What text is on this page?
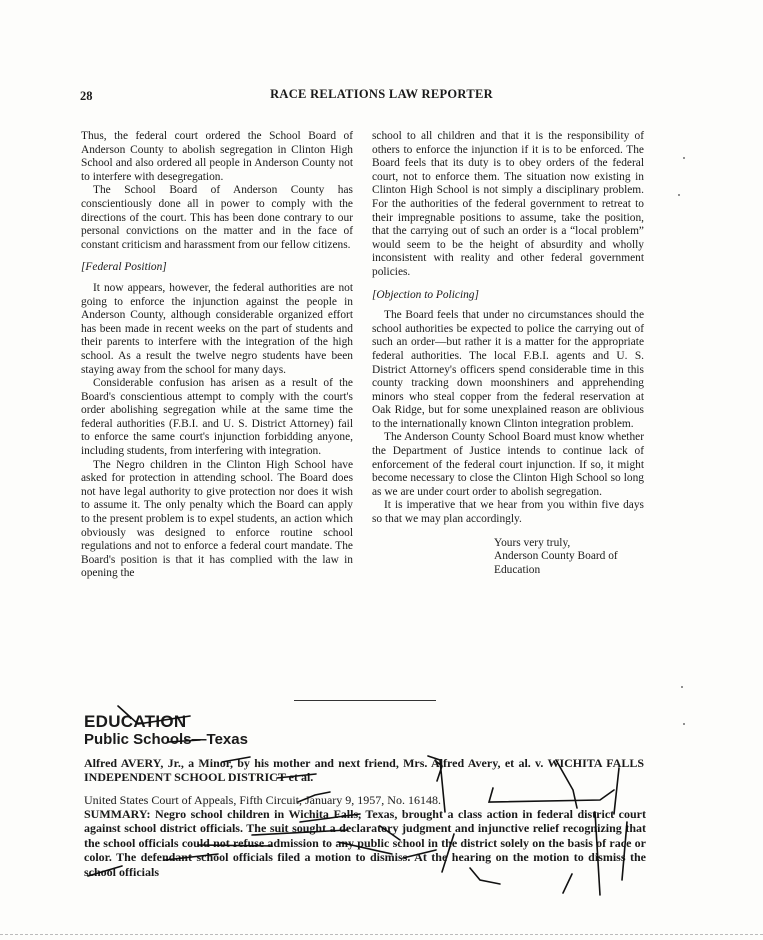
28	RACE RELATIONS LAW REPORTER

Thus, the federal court ordered the School Board of Anderson County to abolish segregation in Clinton High School and also ordered all people in Anderson County not to interfere with desegregation.

The School Board of Anderson County has conscientiously done all in power to comply with the directions of the court. This has been done contrary to our personal convictions on the matter and in the face of constant criticism and harassment from our fellow citizens.

[Federal Position]

It now appears, however, the federal authorities are not going to enforce the injunction against the people in Anderson County, although considerable organized effort has been made in recent weeks on the part of students and their parents to interfere with the integration of the high school. As a result the twelve negro students have been staying away from the school for many days.

Considerable confusion has arisen as a result of the Board's conscientious attempt to comply with the court's order abolishing segregation while at the same time the federal authorities (F.B.I. and U. S. District Attorney) fail to enforce the same court's injunction forbidding anyone, including students, from interfering with integration.

The Negro children in the Clinton High School have asked for protection in attending school. The Board does not have legal authority to give protection nor does it wish to assume it. The only penalty which the Board can apply to the present problem is to expel students, an action which obviously was designed to enforce routine school regulations and not to enforce a federal court mandate. The Board's position is that it has complied with the law in opening the

school to all children and that it is the responsibility of others to enforce the injunction if it is to be enforced. The Board feels that its duty is to obey orders of the federal court, not to enforce them. The situation now existing in Clinton High School is not simply a disciplinary problem. For the authorities of the federal government to retreat to their impregnable positions to assume, take the position, that the carrying out of such an order is a “local problem” would seem to be the height of absurdity and wholly inconsistent with reality and other federal government policies.

[Objection to Policing]

The Board feels that under no circumstances should the school authorities be expected to police the carrying out of such an order—but rather it is a matter for the appropriate federal authorities. The local F.B.I. agents and U. S. District Attorney's officers spend considerable time in this county tracking down moonshiners and apprehending minors who steal copper from the federal reservation at Oak Ridge, but for some unexplained reason are oblivious to the internationally known Clinton integration problem.

The Anderson County School Board must know whether the Department of Justice intends to continue lack of enforcement of the federal court injunction. If so, it might become necessary to close the Clinton High School so long as we are under court order to abolish segregation.

It is imperative that we hear from you within five days so that we may plan accordingly.

Yours very truly,
Anderson County Board of
Education
EDUCATION
Public Schools—Texas
Alfred AVERY, Jr., a Minor, by his mother and next friend, Mrs. Alfred Avery, et al. v. WICHITA FALLS INDEPENDENT SCHOOL DISTRICT et al.
United States Court of Appeals, Fifth Circuit, January 9, 1957, No. 16148.
SUMMARY: Negro school children in Wichita Falls, Texas, brought a class action in federal district court against school district officials. The suit sought a declaratory judgment and injunctive relief recognizing that the school officials could not refuse admission to any public school in the district solely on the basis of race or color. The defendant school officials filed a motion to dismiss. At the hearing on the motion to dismiss the school officials
